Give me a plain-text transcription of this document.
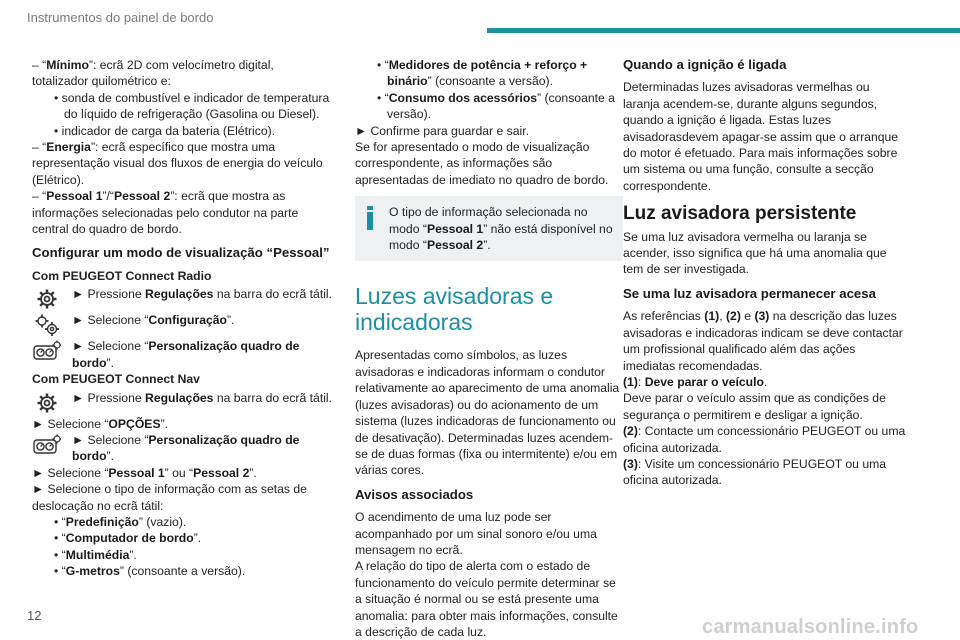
Instrumentos do painel de bordo

– “Mínimo”: ecrã 2D com velocímetro digital, totalizador quilométrico e:

• sonda de combustível e indicador de temperatura do líquido de refrigeração (Gasolina ou Diesel).

• indicador de carga da bateria (Elétrico).

– “Energia”: ecrã específico que mostra uma representação visual dos fluxos de energia do veículo (Elétrico).

– “Pessoal 1”/“Pessoal 2”: ecrã que mostra as informações selecionadas pelo condutor na parte central do quadro de bordo.

Configurar um modo de visualização “Pessoal”
Com PEUGEOT Connect Radio
► Pressione Regulações na barra do ecrã tátil.
► Selecione “Configuração”.
► Selecione “Personalização quadro de bordo”.
Com PEUGEOT Connect Nav
► Pressione Regulações na barra do ecrã tátil.

► Selecione “OPÇÕES”.

► Selecione “Personalização quadro de bordo”.

► Selecione “Pessoal 1” ou “Pessoal 2”.

► Selecione o tipo de informação com as setas de deslocação no ecrã tátil:

• “Predefinição” (vazio).

• “Computador de bordo”.

• “Multimédia”.

• “G-metros” (consoante a versão).

• “Medidores de potência + reforço + binário” (consoante a versão).

• “Consumo dos acessórios” (consoante a versão).

► Confirme para guardar e sair.

Se for apresentado o modo de visualização correspondente, as informações são apresentadas de imediato no quadro de bordo.

O tipo de informação selecionada no modo “Pessoal 1” não está disponível no modo “Pessoal 2”.
Luzes avisadoras e indicadoras

Apresentadas como símbolos, as luzes avisadoras e indicadoras informam o condutor relativamente ao aparecimento de uma anomalia (luzes avisadoras) ou do acionamento de um sistema (luzes indicadoras de funcionamento ou de desativação). Determinadas luzes acendem-se de duas formas (fixa ou intermitente) e/ou em várias cores.

Avisos associados

O acendimento de uma luz pode ser acompanhado por um sinal sonoro e/ou uma mensagem no ecrã.

A relação do tipo de alerta com o estado de funcionamento do veículo permite determinar se a situação é normal ou se está presente uma anomalia: para obter mais informações, consulte a descrição de cada luz.

Quando a ignição é ligada

Determinadas luzes avisadoras vermelhas ou laranja acendem-se, durante alguns segundos, quando a ignição é ligada. Estas luzes avisadorasdevem apagar-se assim que o arranque do motor é efetuado. Para mais informações sobre um sistema ou uma função, consulte a secção correspondente.

Luz avisadora persistente

Se uma luz avisadora vermelha ou laranja se acender, isso significa que há uma anomalia que tem de ser investigada.

Se uma luz avisadora permanecer acesa

As referências (1), (2) e (3) na descrição das luzes avisadoras e indicadoras indicam se deve contactar um profissional qualificado além das ações imediatas recomendadas.

(1): Deve parar o veículo.

Deve parar o veículo assim que as condições de segurança o permitirem e desligar a ignição.

(2): Contacte um concessionário PEUGEOT ou uma oficina autorizada.

(3): Visite um concessionário PEUGEOT ou uma oficina autorizada.

12
carmanualsonline.info
